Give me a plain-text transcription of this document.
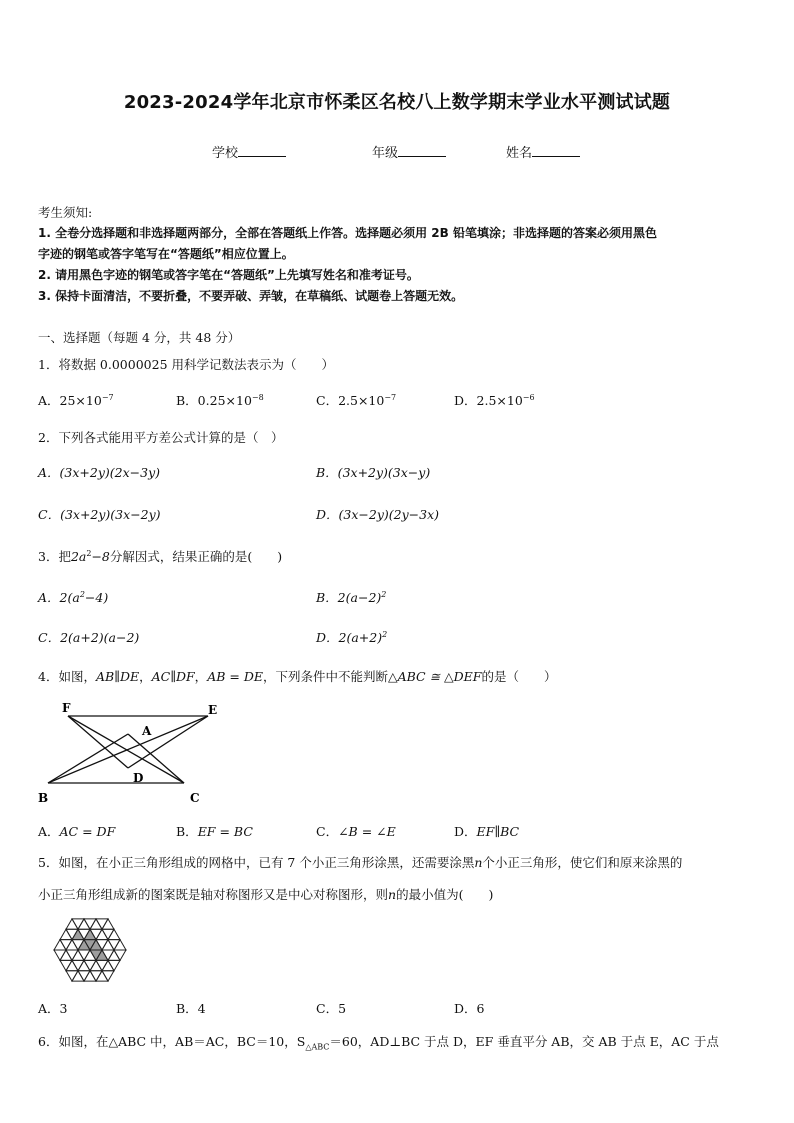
2023-2024学年北京市怀柔区名校八上数学期末学业水平测试试题
学校	年级	姓名
考生须知:
1. 全卷分选择题和非选择题两部分，全部在答题纸上作答。选择题必须用 2B 铅笔填涂；非选择题的答案必须用黑色
字迹的钢笔或答字笔写在“答题纸”相应位置上。
2. 请用黑色字迹的钢笔或答字笔在“答题纸”上先填写姓名和准考证号。
3. 保持卡面清洁，不要折叠，不要弄破、弄皱，在草稿纸、试题卷上答题无效。
一、选择题（每题 4 分，共 48 分）
1．将数据 0.0000025 用科学记数法表示为（　　）
A．$25\times 10^{-7}$	B．$0.25\times 10^{-8}$	C．$2.5\times 10^{-7}$	D．$2.5\times 10^{-6}$
2．下列各式能用平方差公式计算的是（　）
A．(3x+2y)(2x−3y)	B．(3x+2y)(3x−y)
C．(3x+2y)(3x−2y)	D．(3x−2y)(2y−3x)
3．把$2a^2-8$分解因式，结果正确的是(　　)
A．$2(a^2-4)$	B．$2(a-2)^2$
C．2(a+2)(a−2)	D．$2(a+2)^2$
4．如图，AB∥DE，AC∥DF，AB = DE，下列条件中不能判断△ABC ≅ △DEF的是（　　）
F	E
A
D
B	C
A．AC = DF	B．EF = BC	C．∠B = ∠E	D．EF∥BC
5．如图，在小正三角形组成的网格中，已有 7 个小正三角形涂黑，还需要涂黑n个小正三角形，使它们和原来涂黑的
小正三角形组成新的图案既是轴对称图形又是中心对称图形，则n的最小值为(　　)
A．3	B．4	C．5	D．6
6．如图，在△ABC 中，AB＝AC，BC＝10，$S_{\triangle ABC}=60$，AD⊥BC 于点 D，EF 垂直平分 AB，交 AB 于点 E，AC 于点
